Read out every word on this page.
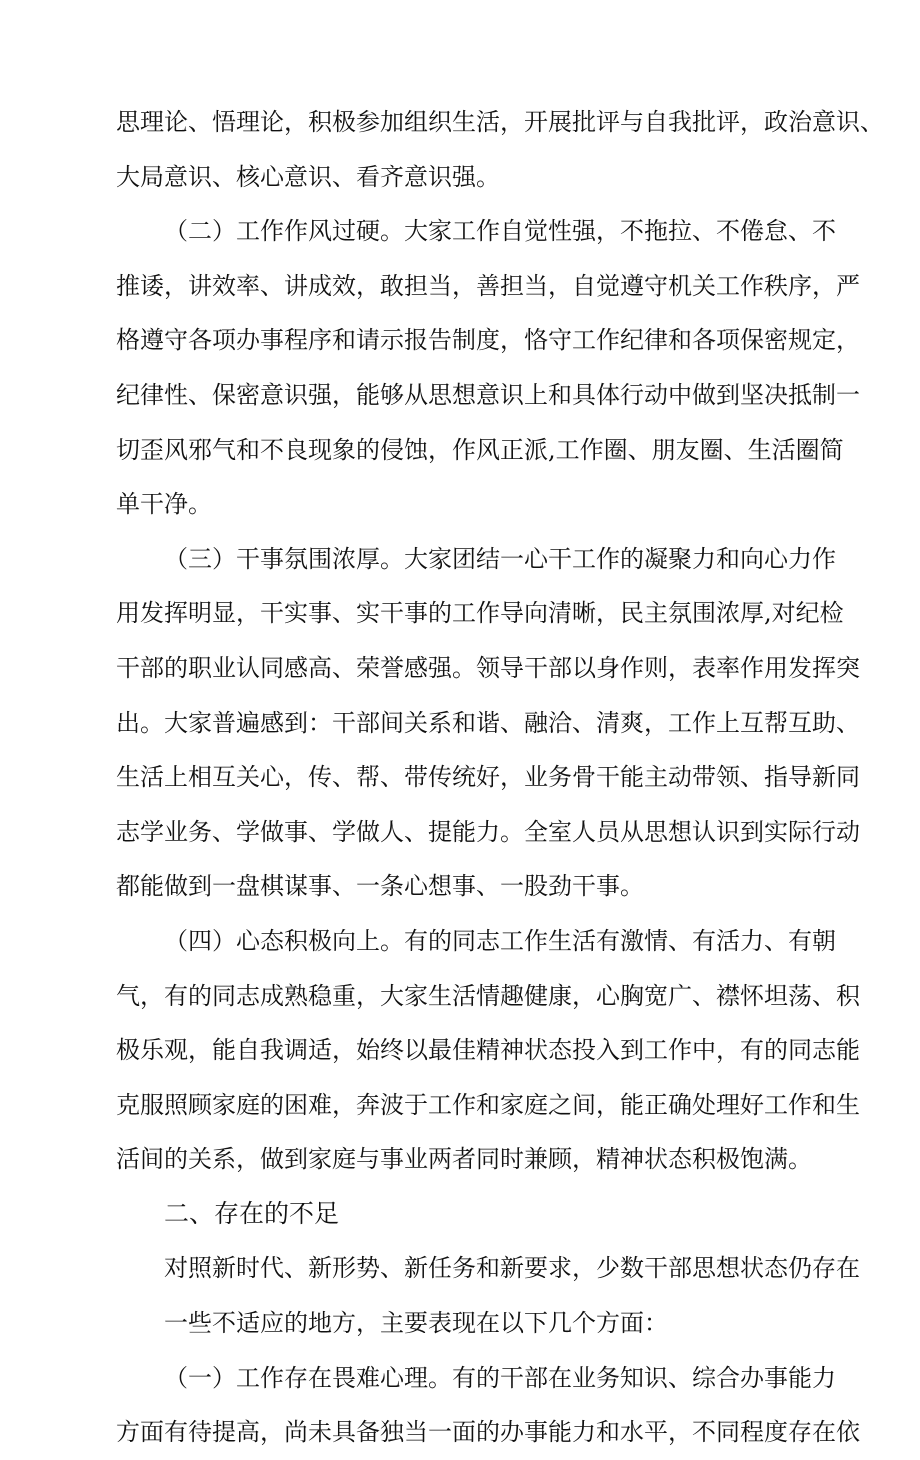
思理论、悟理论，积极参加组织生活，开展批评与自我批评，政治意识、
大局意识、核心意识、看齐意识强。
（二）工作作风过硬。大家工作自觉性强，不拖拉、不倦怠、不
推诿，讲效率、讲成效，敢担当，善担当，自觉遵守机关工作秩序，严
格遵守各项办事程序和请示报告制度，恪守工作纪律和各项保密规定，
纪律性、保密意识强，能够从思想意识上和具体行动中做到坚决抵制一
切歪风邪气和不良现象的侵蚀，作风正派,工作圈、朋友圈、生活圈简
单干净。
（三）干事氛围浓厚。大家团结一心干工作的凝聚力和向心力作
用发挥明显，干实事、实干事的工作导向清晰，民主氛围浓厚,对纪检
干部的职业认同感高、荣誉感强。领导干部以身作则，表率作用发挥突
出。大家普遍感到：干部间关系和谐、融洽、清爽，工作上互帮互助、
生活上相互关心，传、帮、带传统好，业务骨干能主动带领、指导新同
志学业务、学做事、学做人、提能力。全室人员从思想认识到实际行动
都能做到一盘棋谋事、一条心想事、一股劲干事。
（四）心态积极向上。有的同志工作生活有激情、有活力、有朝
气，有的同志成熟稳重，大家生活情趣健康，心胸宽广、襟怀坦荡、积
极乐观，能自我调适，始终以最佳精神状态投入到工作中，有的同志能
克服照顾家庭的困难，奔波于工作和家庭之间，能正确处理好工作和生
活间的关系，做到家庭与事业两者同时兼顾，精神状态积极饱满。
二、存在的不足
对照新时代、新形势、新任务和新要求，少数干部思想状态仍存在
一些不适应的地方，主要表现在以下几个方面：
（一）工作存在畏难心理。有的干部在业务知识、综合办事能力
方面有待提高，尚未具备独当一面的办事能力和水平，不同程度存在依
